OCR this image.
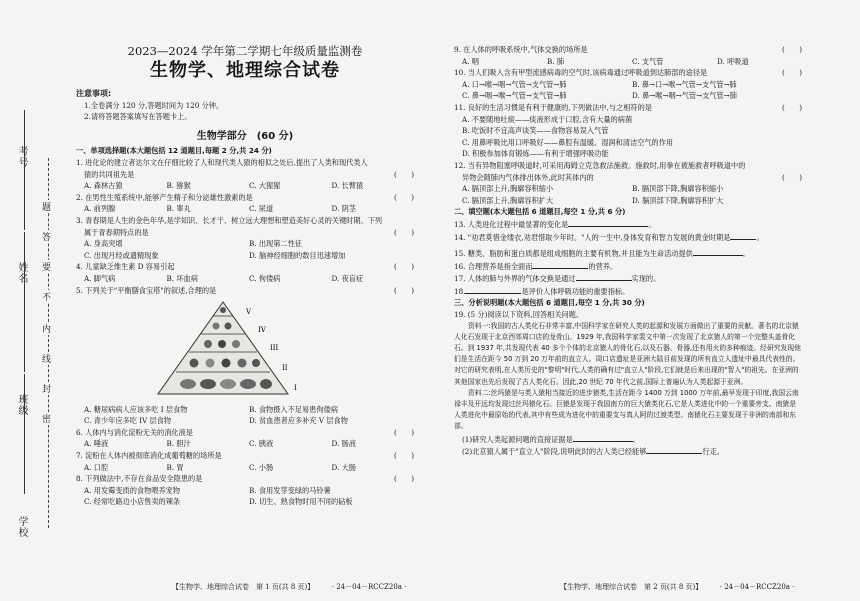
考号
姓名
班级
学校
题
答
要
不
内
线
封
密
2023—2024 学年第二学期七年级质量监测卷
生物学、地理综合试卷
注意事项:
1.全卷满分 120 分,答题时间为 120 分钟。
2.请将答题答案填写在答题卡上。
生物学部分　(60 分)
一、单项选择题(本大题包括 12 道题目,每题 2 分,共 24 分)
1. 进化论的建立者达尔文在仔细比较了人和现代类人猿的相似之处后,提出了人类和现代类人
猿的共同祖先是	(　　)
A. 森林古猿	B. 猕猴	C. 大猩猩	D. 长臂猿
2. 在男性生殖系统中,能够产生精子和分泌雄性激素的是	(　　)
A. 前列腺	B. 睾丸	C. 尿道	D. 阴茎
3. 青春期是人生的金色年华,是学知识、长才干、树立远大理想和塑造美好心灵的关键时期。下列
属于青春期特点的是	(　　)
A. 身高突增	B. 出现第二性征
C. 出现月经或遗精现象	D. 脑神经细胞的数目迅速增加
4. 儿童缺乏维生素 D 容易引起	(　　)
A. 脚气病	B. 坏血病	C. 佝偻病	D. 夜盲症
5. 下列关于"平衡膳食宝塔"的叙述,合理的是	(　　)
V
IV
III
II
I
A. 糖尿病病人应该多吃 I 层食物	B. 食物摄入不足易患佝偻病
C. 青少年应多吃 IV 层食物	D. 贫血患者应多补充 V 层食物
6. 人体内与消化淀粉无关的消化液是	(　　)
A. 唾液	B. 胆汁	C. 胰液	D. 肠液
7. 淀粉在人体内被彻底消化成葡萄糖的场所是	(　　)
A. 口腔	B. 胃	C. 小肠	D. 大肠
8. 下列做法中,不存在食品安全隐患的是	(　　)
A. 用发霉变质的食物喂养宠物	B. 食用发芽变绿的马铃薯
C. 经常吃路边小店售卖的辣条	D. 切生、熟食物时用不同的砧板
【生物学、地理综合试卷　第 1 页(共 8 页)】　　　· 24－04－RCCZ20a ·
9. 在人体的呼吸系统中,气体交换的场所是	(　　)
A. 咽	B. 肺	C. 支气管	D. 呼吸道
10. 当人们吸入含有甲型流感病毒的空气时,该病毒通过呼吸道到达肺部的途径是	(　　)
A. 口→喉→咽→气管→支气管→肺	B. 鼻→口→喉→气管→支气管→肺
C. 鼻→咽→喉→气管→支气管→肺	D. 鼻→喉→咽→气管→支气管→肺
11. 良好的生活习惯是有利于健康的,下列做法中,与之相符的是	(　　)
A. 不要随地吐痰——痰液形成于口腔,含有大量的病菌
B. 吃饭时不宜高声谈笑——食物容易误入气管
C. 用鼻呼吸比用口呼吸好——鼻腔有温暖、湿润和清洁空气的作用
D. 积极参加体育锻炼——有利于增强呼吸功能
12. 当有异物阻塞呼吸道时,可采用海姆立克急救法施救。施救时,用拳在被施救者呼吸道中的
异物会随肺内气体排出体外,此时其体内的	(　　)
A. 膈顶部上升,胸廓容积缩小	B. 膈顶部下降,胸廓容积缩小
C. 膈顶部上升,胸廓容积扩大	D. 膈顶部下降,胸廓容积扩大
二、填空题(本大题包括 6 道题目,每空 1 分,共 6 分)
13. 人类进化过程中最显著的变化是	。
14. "劝君莫惜金缕衣,劝君惜取少年时。"人的一生中,身体发育和智力发展的黄金时期是	。
15. 糖类、脂肪和蛋白质都是组成细胞的主要有机物,并且能为生命活动提供	。
16. 合理营养是指全面而	的营养。
17. 人体的肺与外界的气体交换是通过	实现的。
18.	是评价人体呼吸功能的重要指标。
三、分析说明题(本大题包括 6 道题目,每空 1 分,共 30 分)
19. (5 分)阅读以下资料,回答相关问题。
资料一:我国的古人类化石非常丰富,中国科学家在研究人类的起源和发展方面做出了重要的贡献。著名的北京猿人化石发现于北京西郊周口店的龙骨山。1929 年,我国科学家裴文中第一次发现了北京猿人的第一个完整头盖骨化石。到 1937 年,共发现代表 40 多个个体的北京猿人的骨化石,以及石器、骨器,还有用火的多种痕迹。经研究发现他们是生活在距今 50 万到 20 万年前的直立人。周口店遗址是亚洲大陆目前发现的所有直立人遗址中最具代表性的。对它的研究表明,在人类历史的"黎明"时代,人类的确有过"直立人"阶段,它们就是后来出现的"智人"的祖先。在亚洲的其他国家也先后发现了古人类化石。因此,20 世纪 70 年代之前,国际上普遍认为人类起源于亚洲。
资料二:丝玛猿是与类人猿相当接近的进步猿类,生活在距今 1400 万到 1000 万年前,最早发现于印度,我国云南禄丰及开远均发现过丝玛猿化石。巨猿是发现于我国南方的巨大猿类化石,它是人类进化中的一个重要旁支。南猿是人类进化中最原始的代表,其中有些成为进化中的重要支与真人阿的过渡类型。南猿化石主要发现于非洲的南部和东部。
(1)研究人类起源问题的直接证据是	。
(2)北京猿人属于"直立人"阶段,说明此时的古人类已经能够	行走。
【生物学、地理综合试卷　第 2 页(共 8 页)】　　　· 24－04－RCCZ20a ·
